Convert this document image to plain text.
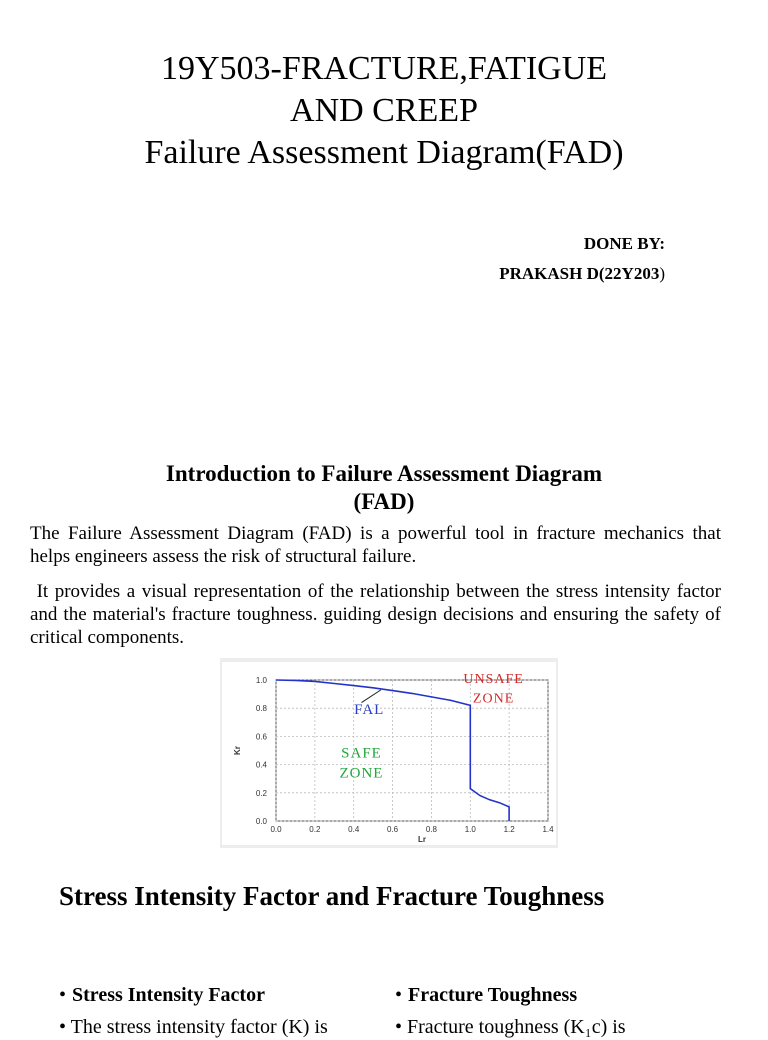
19Y503-FRACTURE,FATIGUE
AND CREEP
Failure Assessment Diagram(FAD)
DONE BY:
PRAKASH D(22Y203)
Introduction to Failure Assessment Diagram
(FAD)
The Failure Assessment Diagram (FAD) is a powerful tool in fracture mechanics that helps engineers assess the risk of structural failure.
It provides a visual representation of the relationship between the stress intensity factor and the material's fracture toughness. guiding design decisions and ensuring the safety of critical components.
0.0	0.2	0.4	0.6	0.8	1.0	1.2	1.4
0.0
0.2
0.4
0.6
0.8
1.0
Lr
Kr
UNSAFE
ZONE
FAL
SAFE
ZONE
Stress Intensity Factor and Fracture Toughness
• Stress Intensity Factor	• Fracture Toughness
• The stress intensity factor (K) is	• Fracture toughness (K₁c) is
